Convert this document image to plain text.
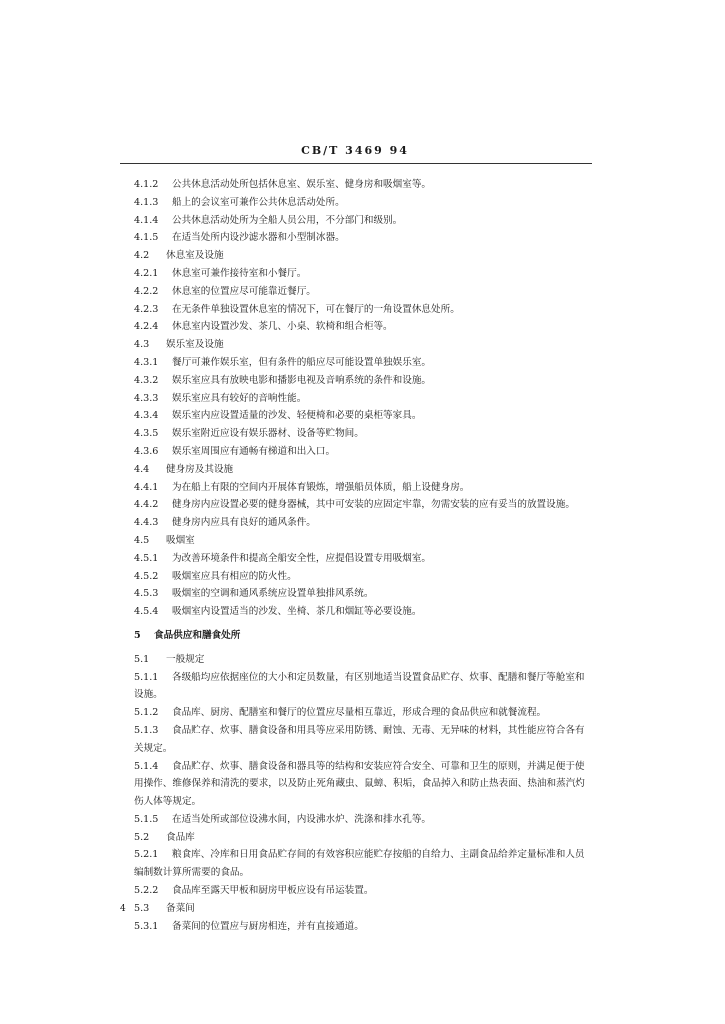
CB/T 3469 94
4.1.2 公共休息活动处所包括休息室、娱乐室、健身房和吸烟室等。
4.1.3 船上的会议室可兼作公共休息活动处所。
4.1.4 公共休息活动处所为全船人员公用，不分部门和级别。
4.1.5 在适当处所内设沙滤水器和小型制冰器。
4.2 休息室及设施
4.2.1 休息室可兼作接待室和小餐厅。
4.2.2 休息室的位置应尽可能靠近餐厅。
4.2.3 在无条件单独设置休息室的情况下，可在餐厅的一角设置休息处所。
4.2.4 休息室内设置沙发、茶几、小桌、软椅和组合柜等。
4.3 娱乐室及设施
4.3.1 餐厅可兼作娱乐室，但有条件的船应尽可能设置单独娱乐室。
4.3.2 娱乐室应具有放映电影和播影电视及音响系统的条件和设施。
4.3.3 娱乐室应具有较好的音响性能。
4.3.4 娱乐室内应设置适量的沙发、轻便椅和必要的桌柜等家具。
4.3.5 娱乐室附近应设有娱乐器材、设备等贮物间。
4.3.6 娱乐室周围应有通畅有梯道和出入口。
4.4 健身房及其设施
4.4.1 为在船上有限的空间内开展体育锻炼，增强船员体质，船上设健身房。
4.4.2 健身房内应设置必要的健身器械，其中可安装的应固定牢靠，勿需安装的应有妥当的放置设施。
4.4.3 健身房内应具有良好的通风条件。
4.5 吸烟室
4.5.1 为改善环境条件和提高全船安全性，应提倡设置专用吸烟室。
4.5.2 吸烟室应具有相应的防火性。
4.5.3 吸烟室的空调和通风系统应设置单独排风系统。
4.5.4 吸烟室内设置适当的沙发、坐椅、茶几和烟缸等必要设施。
5 食品供应和膳食处所
5.1 一般规定
5.1.1 各级船均应依据座位的大小和定员数量，有区别地适当设置食品贮存、炊事、配膳和餐厅等舱室和设施。
5.1.2 食品库、厨房、配膳室和餐厅的位置应尽量相互靠近，形成合理的食品供应和就餐流程。
5.1.3 食品贮存、炊事、膳食设备和用具等应采用防锈、耐蚀、无毒、无异味的材料，其性能应符合各有关规定。
5.1.4 食品贮存、炊事、膳食设备和器具等的结构和安装应符合安全、可靠和卫生的原则，并满足便于使用操作、维修保养和清洗的要求，以及防止死角藏虫、鼠蟑、积垢，食品掉入和防止热表面、热油和蒸汽灼伤人体等规定。
5.1.5 在适当处所或部位设沸水间，内设沸水炉、洗涤和排水孔等。
5.2 食品库
5.2.1 粮食库、冷库和日用食品贮存间的有效容积应能贮存按船的自给力、主副食品给养定量标准和人员编制数计算所需要的食品。
5.2.2 食品库至露天甲板和厨房甲板应设有吊运装置。
5.3 备菜间
5.3.1 备菜间的位置应与厨房相连，并有直接通道。
4
